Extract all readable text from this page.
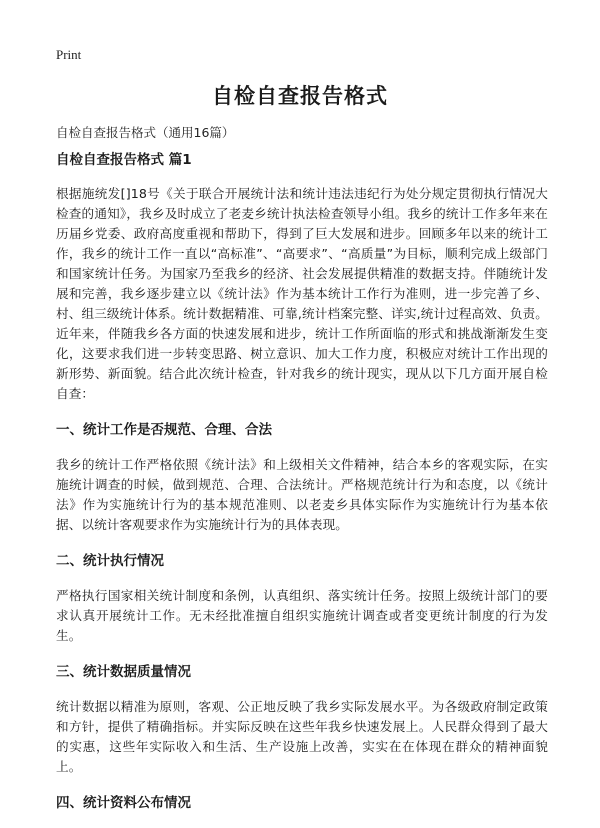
Print
自检自查报告格式
自检自查报告格式（通用16篇）
自检自查报告格式 篇1

根据施统发[]18号《关于联合开展统计法和统计违法违纪行为处分规定贯彻执行情况大检查的通知》，我乡及时成立了老麦乡统计执法检查领导小组。我乡的统计工作多年来在历届乡党委、政府高度重视和帮助下，得到了巨大发展和进步。回顾多年以来的统计工作，我乡的统计工作一直以“高标准”、“高要求”、“高质量”为目标，顺利完成上级部门和国家统计任务。为国家乃至我乡的经济、社会发展提供精准的数据支持。伴随统计发展和完善，我乡逐步建立以《统计法》作为基本统计工作行为准则，进一步完善了乡、村、组三级统计体系。统计数据精准、可靠,统计档案完整、详实,统计过程高效、负责。近年来，伴随我乡各方面的快速发展和进步，统计工作所面临的形式和挑战渐渐发生变化，这要求我们进一步转变思路、树立意识、加大工作力度，积极应对统计工作出现的新形势、新面貌。结合此次统计检查，针对我乡的统计现实，现从以下几方面开展自检自查：

一、统计工作是否规范、合理、合法

我乡的统计工作严格依照《统计法》和上级相关文件精神，结合本乡的客观实际，在实施统计调查的时候，做到规范、合理、合法统计。严格规范统计行为和态度，以《统计法》作为实施统计行为的基本规范准则、以老麦乡具体实际作为实施统计行为基本依据、以统计客观要求作为实施统计行为的具体表现。

二、统计执行情况

严格执行国家相关统计制度和条例，认真组织、落实统计任务。按照上级统计部门的要求认真开展统计工作。无未经批准擅自组织实施统计调查或者变更统计制度的行为发生。

三、统计数据质量情况

统计数据以精准为原则，客观、公正地反映了我乡实际发展水平。为各级政府制定政策和方针，提供了精确指标。并实际反映在这些年我乡快速发展上。人民群众得到了最大的实惠，这些年实际收入和生活、生产设施上改善，实实在在体现在群众的精神面貌上。

四、统计资料公布情况
